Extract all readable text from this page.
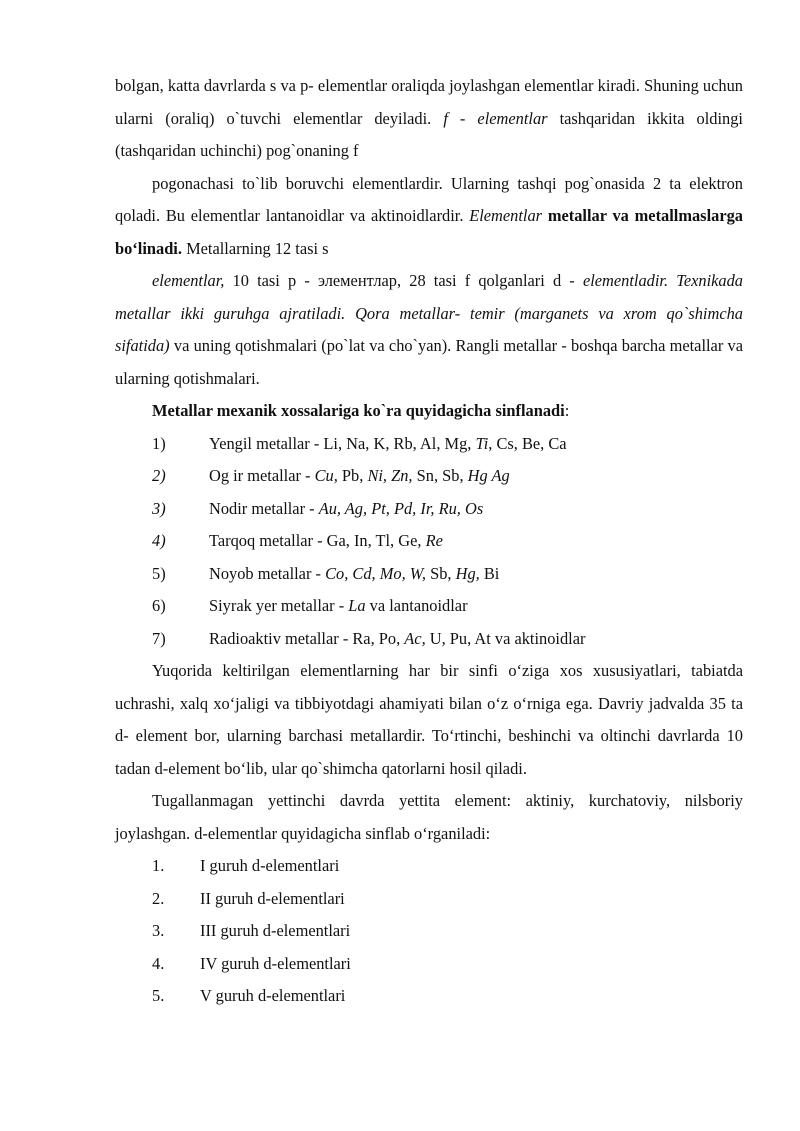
bolgan, katta davrlarda s va p- elementlar oraliqda joylashgan elementlar kiradi. Shuning uchun ularni (oraliq) o`tuvchi elementlar deyiladi. f - elementlar tashqaridan ikkita oldingi (tashqaridan uchinchi) pog`onaning f

pogonachasi to`lib boruvchi elementlardir. Ularning tashqi pog`onasida 2 ta elektron qoladi. Bu elementlar lantanoidlar va aktinoidlardir. Elementlar metallar va metallmaslarga bo‘linadi. Metallarning 12 tasi s

elementlar, 10 tasi p - элементлар, 28 tasi f qolganlari d - elementladir. Texnikada metallar ikki guruhga ajratiladi. Qora metallar- temir (marganets va xrom qo`shimcha sifatida) va uning qotishmalari (po`lat va cho`yan). Rangli metallar - boshqa barcha metallar va ularning qotishmalari.

Metallar mexanik xossalariga ko`ra quyidagicha sinflanadi:

1)	Yengil metallar - Li, Na, K, Rb, Al, Mg, Ti, Cs, Be, Ca
2)	Og ir metallar - Cu, Pb, Ni, Zn, Sn, Sb, Hg Ag
3)	Nodir metallar - Au, Ag, Pt, Pd, Ir, Ru, Os
4)	Tarqoq metallar - Ga, In, Tl, Ge, Re
5)	Noyob metallar - Co, Cd, Mo, W, Sb, Hg, Bi
6)	Siyrak yer metallar - La va lantanoidlar
7)	Radioaktiv metallar - Ra, Po, Ac, U, Pu, At va aktinoidlar

Yuqorida keltirilgan elementlarning har bir sinfi o‘ziga xos xususiyatlari, tabiatda uchrashi, xalq xo‘jaligi va tibbiyotdagi ahamiyati bilan o‘z o‘rniga ega. Davriy jadvalda 35 ta d- element bor, ularning barchasi metallardir. To‘rtinchi, beshinchi va oltinchi davrlarda 10 tadan d-element bo‘lib, ular qo`shimcha qatorlarni hosil qiladi.

Tugallanmagan yettinchi davrda yettita element: aktiniy, kurchatoviy, nilsboriy joylashgan. d-elementlar quyidagicha sinflab o‘rganiladi:

1. I guruh d-elementlari
2. II guruh d-elementlari
3. III guruh d-elementlari
4. IV guruh d-elementlari
5. V guruh d-elementlari
